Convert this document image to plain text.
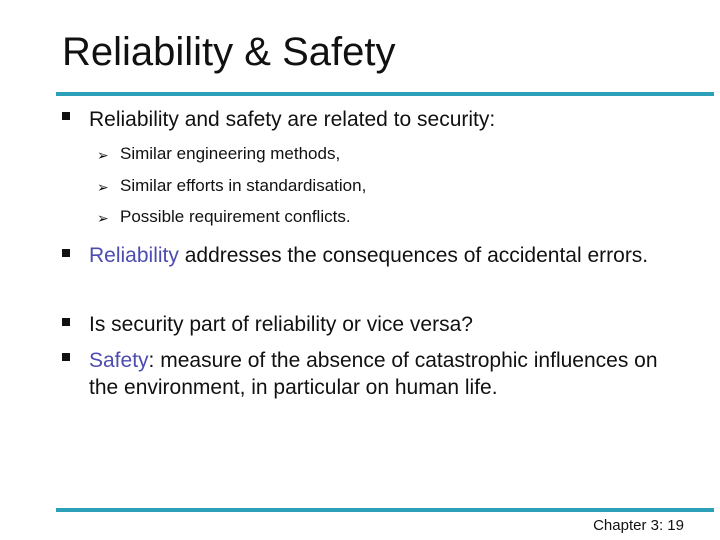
Reliability & Safety
Reliability and safety are related to security:
➢ Similar engineering methods,
➢ Similar efforts in standardisation,
➢ Possible requirement conflicts.
Reliability addresses the consequences of accidental errors.
Is security part of reliability or vice versa?
Safety: measure of the absence of catastrophic influences on the environment, in particular on human life.
Chapter 3: 19
